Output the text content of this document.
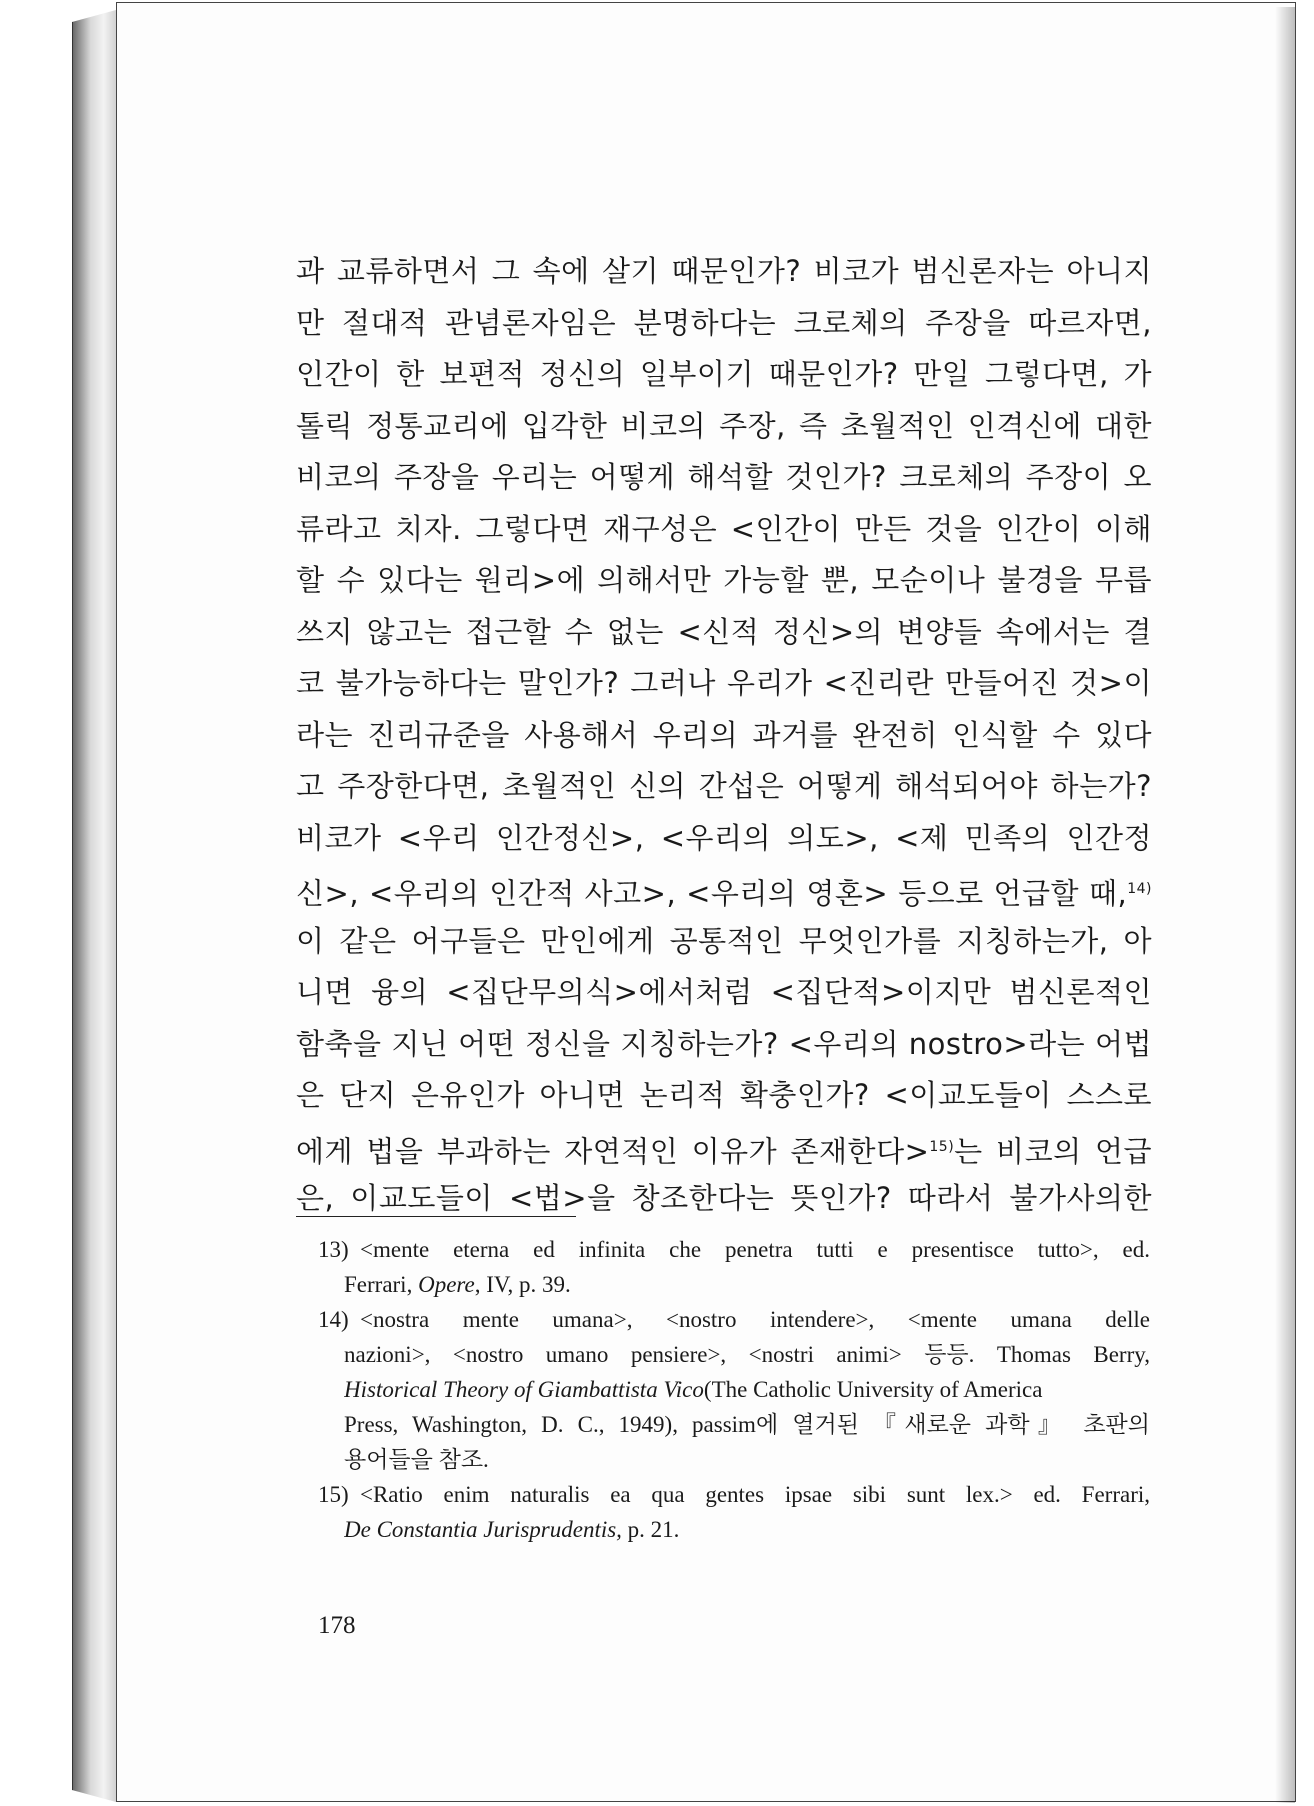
과 교류하면서 그 속에 살기 때문인가? 비코가 범신론자는 아니지
만 절대적 관념론자임은 분명하다는 크로체의 주장을 따르자면,
인간이 한 보편적 정신의 일부이기 때문인가? 만일 그렇다면, 가
톨릭 정통교리에 입각한 비코의 주장, 즉 초월적인 인격신에 대한
비코의 주장을 우리는 어떻게 해석할 것인가? 크로체의 주장이 오
류라고 치자. 그렇다면 재구성은 <인간이 만든 것을 인간이 이해
할 수 있다는 원리>에 의해서만 가능할 뿐, 모순이나 불경을 무릅
쓰지 않고는 접근할 수 없는 <신적 정신>의 변양들 속에서는 결
코 불가능하다는 말인가? 그러나 우리가 <진리란 만들어진 것>이
라는 진리규준을 사용해서 우리의 과거를 완전히 인식할 수 있다
고 주장한다면, 초월적인 신의 간섭은 어떻게 해석되어야 하는가?
비코가 <우리 인간정신>, <우리의 의도>, <제 민족의 인간정
신>, <우리의 인간적 사고>, <우리의 영혼> 등으로 언급할 때,$^{14)}$
이 같은 어구들은 만인에게 공통적인 무엇인가를 지칭하는가, 아
니면 융의 <집단무의식>에서처럼 <집단적>이지만 범신론적인
함축을 지닌 어떤 정신을 지칭하는가? <우리의 nostro>라는 어법
은 단지 은유인가 아니면 논리적 확충인가? <이교도들이 스스로
에게 법을 부과하는 자연적인 이유가 존재한다>$^{15)}$는 비코의 언급
은, 이교도들이 <법>을 창조한다는 뜻인가? 따라서 불가사의한
13) <mente eterna ed infinita che penetra tutti e presentisce tutto>, ed.
Ferrari, Opere, IV, p. 39.
14) <nostra mente umana>, <nostro intendere>, <mente umana delle
nazioni>, <nostro umano pensiere>, <nostri animi> 등등. Thomas Berry,
Historical Theory of Giambattista Vico(The Catholic University of America
Press, Washington, D. C., 1949), passim에 열거된 『새로운 과학』 초판의
용어들을 참조.
15) <Ratio enim naturalis ea qua gentes ipsae sibi sunt lex.> ed. Ferrari,
De Constantia Jurisprudentis, p. 21.
178
